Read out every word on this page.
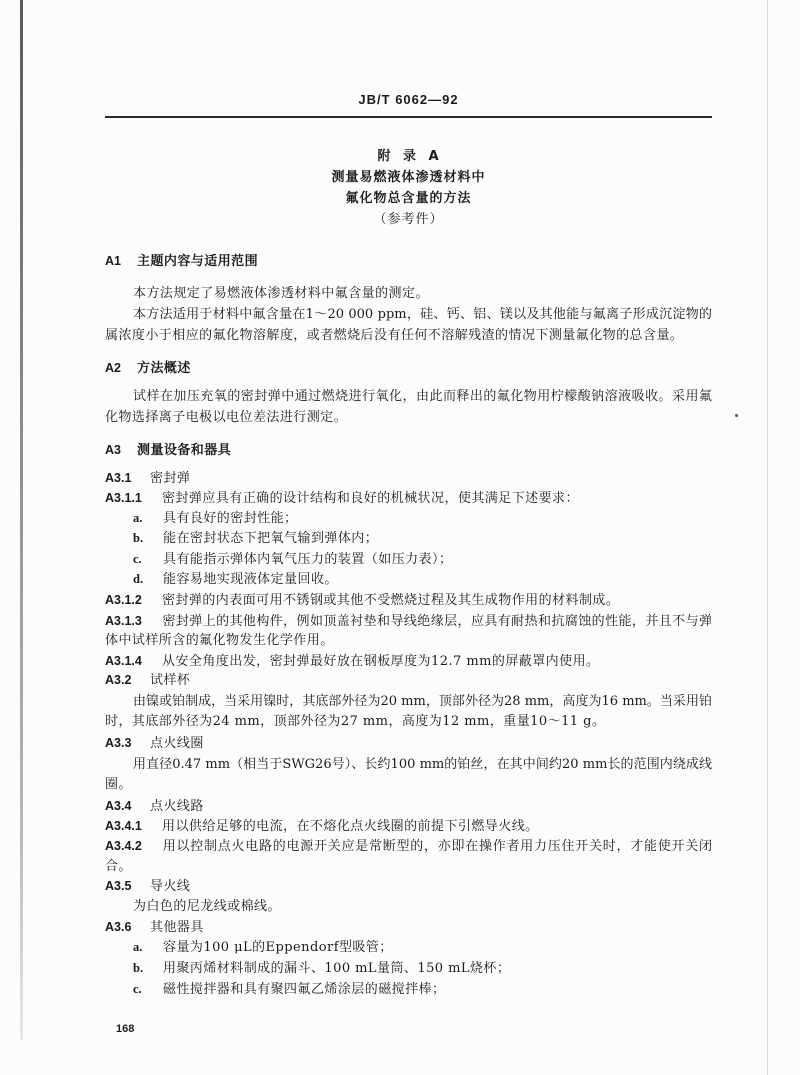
JB/T 6062—92
附 录 A
测量易燃液体渗透材料中
氟化物总含量的方法
（参考件）
A1 主题内容与适用范围
本方法规定了易燃液体渗透材料中氟含量的测定。
本方法适用于材料中氟含量在1～20 000 ppm，硅、钙、铝、镁以及其他能与氟离子形成沉淀物的
属浓度小于相应的氟化物溶解度，或者燃烧后没有任何不溶解残渣的情况下测量氟化物的总含量。
A2 方法概述
试样在加压充氧的密封弹中通过燃烧进行氧化，由此而释出的氟化物用柠檬酸钠溶液吸收。采用氟
化物选择离子电极以电位差法进行测定。
A3 测量设备和器具
A3.1 密封弹
A3.1.1 密封弹应具有正确的设计结构和良好的机械状况，使其满足下述要求：
a. 具有良好的密封性能；
b. 能在密封状态下把氧气输到弹体内；
c. 具有能指示弹体内氧气压力的装置（如压力表）；
d. 能容易地实现液体定量回收。
A3.1.2 密封弹的内表面可用不锈钢或其他不受燃烧过程及其生成物作用的材料制成。
A3.1.3 密封弹上的其他构件，例如顶盖衬垫和导线绝缘层，应具有耐热和抗腐蚀的性能，并且不与弹
体中试样所含的氟化物发生化学作用。
A3.1.4 从安全角度出发，密封弹最好放在钢板厚度为12.7 mm的屏蔽罩内使用。
A3.2 试样杯
由镍或铂制成，当采用镍时，其底部外径为20 mm，顶部外径为28 mm，高度为16 mm。当采用铂
时，其底部外径为24 mm，顶部外径为27 mm，高度为12 mm，重量10～11 g。
A3.3 点火线圈
用直径0.47 mm（相当于SWG26号）、长约100 mm的铂丝，在其中间约20 mm长的范围内绕成线
圈。
A3.4 点火线路
A3.4.1 用以供给足够的电流，在不熔化点火线圈的前提下引燃导火线。
A3.4.2 用以控制点火电路的电源开关应是常断型的，亦即在操作者用力压住开关时，才能使开关闭
合。
A3.5 导火线
为白色的尼龙线或棉线。
A3.6 其他器具
a. 容量为100 μL的Eppendorf型吸管；
b. 用聚丙烯材料制成的漏斗、100 mL量筒、150 mL烧杯；
c. 磁性搅拌器和具有聚四氟乙烯涂层的磁搅拌棒；
168
